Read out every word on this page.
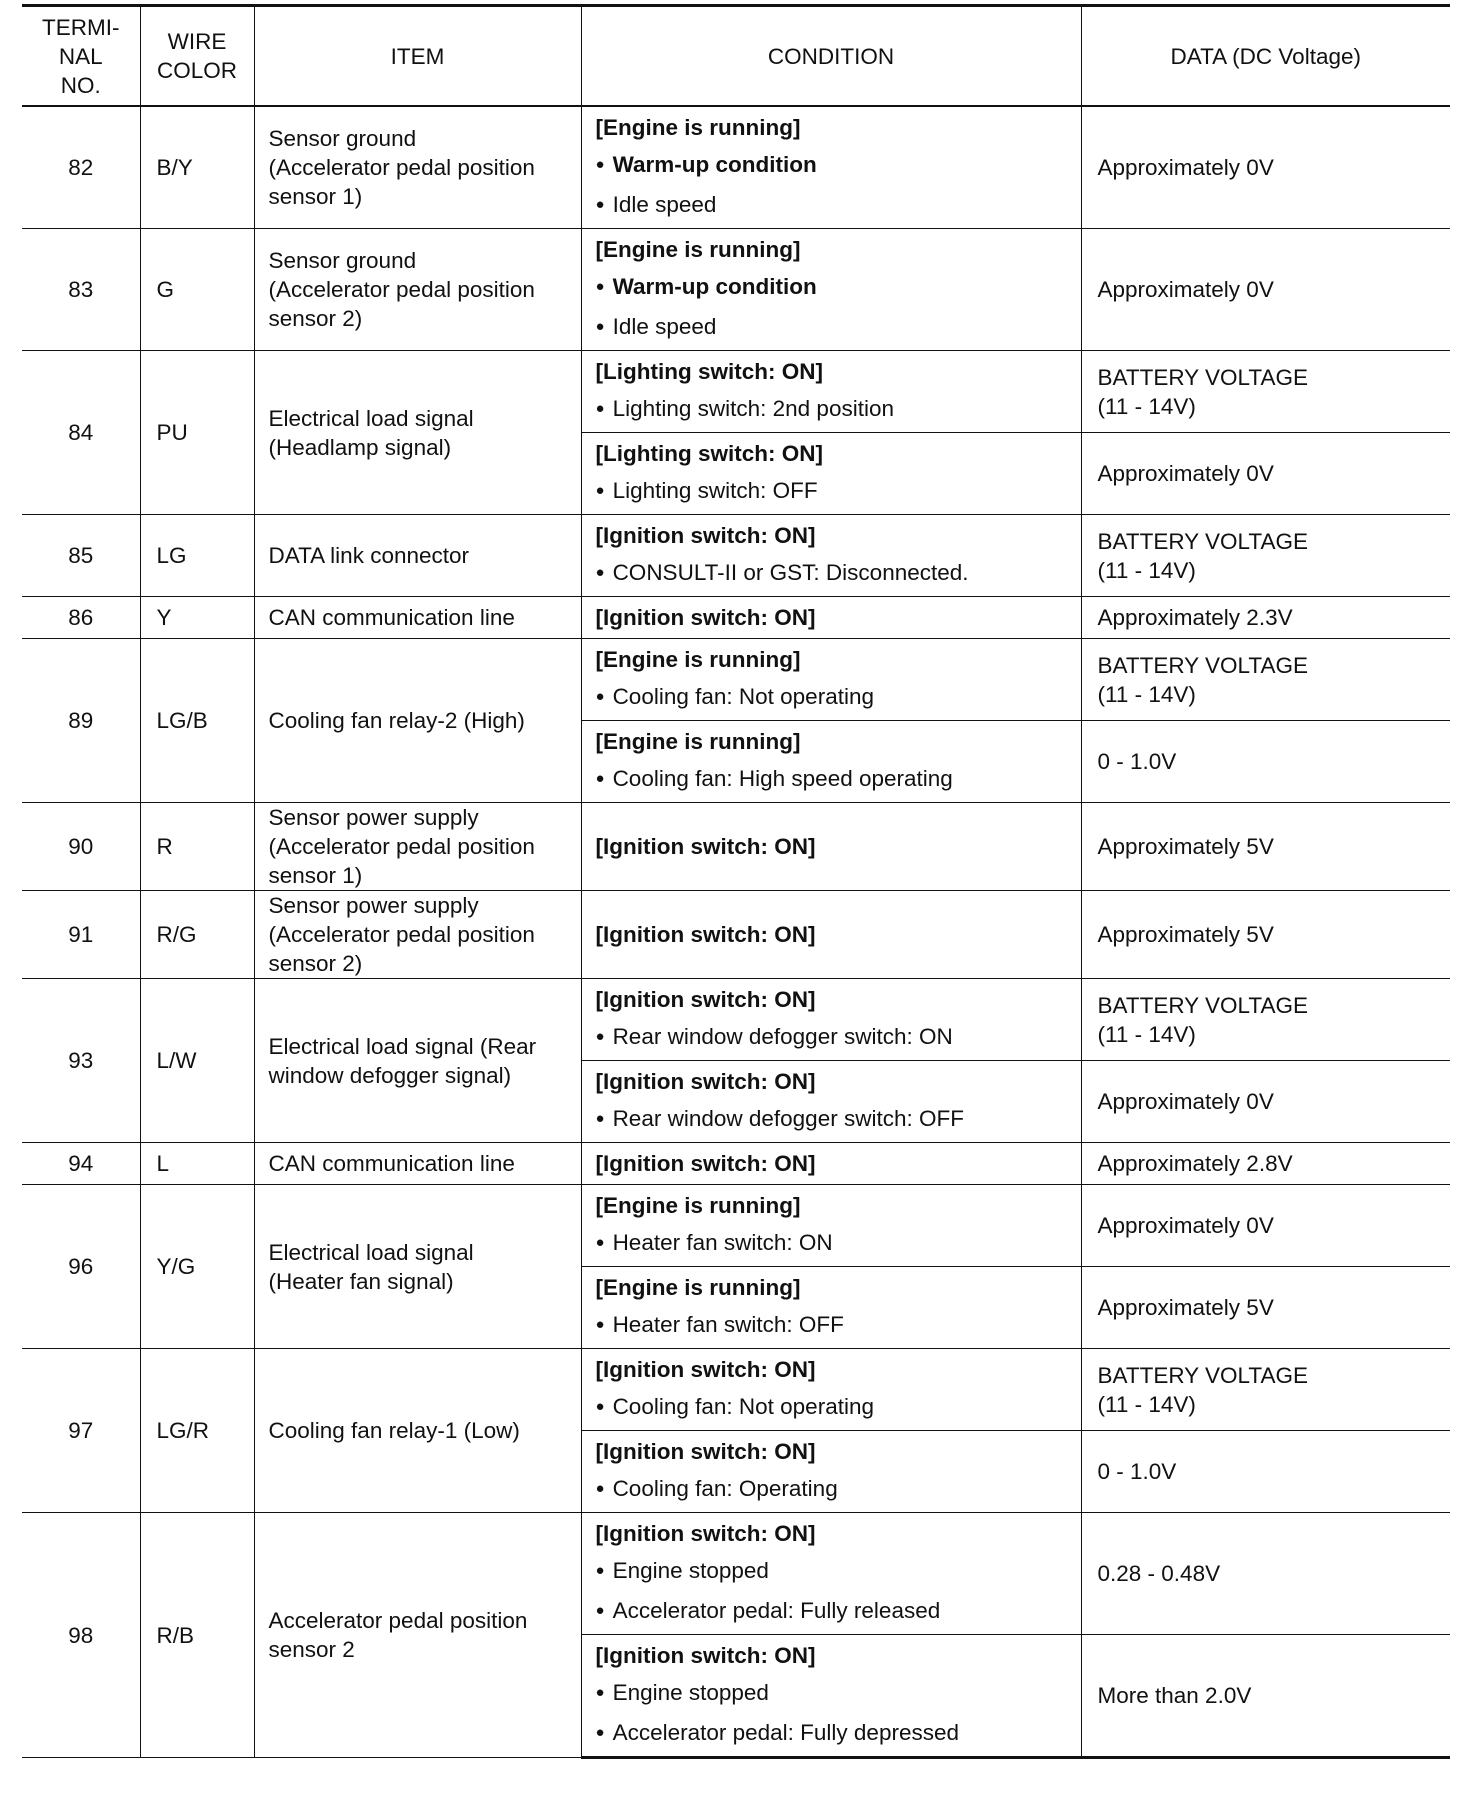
TERMI-
NAL
NO.	WIRE
COLOR	ITEM	CONDITION	DATA (DC Voltage)
82	B/Y	Sensor ground
(Accelerator pedal position
sensor 1)	[Engine is running]
● Warm-up condition
● Idle speed	Approximately 0V

83	G	Sensor ground
(Accelerator pedal position
sensor 2)	[Engine is running]
● Warm-up condition
● Idle speed	Approximately 0V

84	PU	Electrical load signal
(Headlamp signal)	[Lighting switch: ON]
● Lighting switch: 2nd position	BATTERY VOLTAGE
(11 - 14V)

			[Lighting switch: ON]
● Lighting switch: OFF	Approximately 0V

85	LG	DATA link connector	[Ignition switch: ON]
● CONSULT-II or GST: Disconnected.	BATTERY VOLTAGE
(11 - 14V)

86	Y	CAN communication line	[Ignition switch: ON]	Approximately 2.3V

89	LG/B	Cooling fan relay-2 (High)	[Engine is running]
● Cooling fan: Not operating	BATTERY VOLTAGE
(11 - 14V)

			[Engine is running]
● Cooling fan: High speed operating	0 - 1.0V

90	R	Sensor power supply
(Accelerator pedal position
sensor 1)	[Ignition switch: ON]	Approximately 5V

91	R/G	Sensor power supply
(Accelerator pedal position
sensor 2)	[Ignition switch: ON]	Approximately 5V

93	L/W	Electrical load signal (Rear
window defogger signal)	[Ignition switch: ON]
● Rear window defogger switch: ON	BATTERY VOLTAGE
(11 - 14V)

			[Ignition switch: ON]
● Rear window defogger switch: OFF	Approximately 0V

94	L	CAN communication line	[Ignition switch: ON]	Approximately 2.8V

96	Y/G	Electrical load signal
(Heater fan signal)	[Engine is running]
● Heater fan switch: ON	Approximately 0V

			[Engine is running]
● Heater fan switch: OFF	Approximately 5V

97	LG/R	Cooling fan relay-1 (Low)	[Ignition switch: ON]
● Cooling fan: Not operating	BATTERY VOLTAGE
(11 - 14V)

			[Ignition switch: ON]
● Cooling fan: Operating	0 - 1.0V

98	R/B	Accelerator pedal position
sensor 2	[Ignition switch: ON]
● Engine stopped
● Accelerator pedal: Fully released	0.28 - 0.48V

			[Ignition switch: ON]
● Engine stopped
● Accelerator pedal: Fully depressed	More than 2.0V
